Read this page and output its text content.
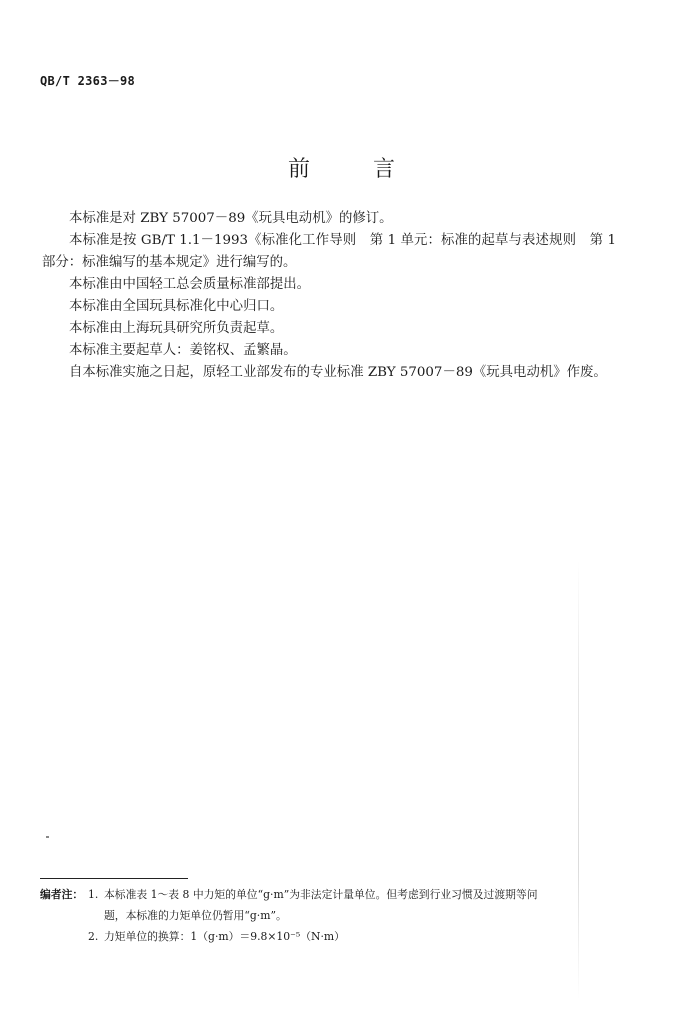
QB/T 2363－98
前 言

本标准是对 ZBY 57007－89《玩具电动机》的修订。

本标准是按 GB/T 1.1－1993《标准化工作导则　第 1 单元：标准的起草与表述规则　第 1 部分：标准编写的基本规定》进行编写的。

本标准由中国轻工总会质量标准部提出。

本标准由全国玩具标准化中心归口。

本标准由上海玩具研究所负责起草。

本标准主要起草人：姜铭权、孟繁晶。

自本标准实施之日起，原轻工业部发布的专业标准 ZBY 57007－89《玩具电动机》作废。

编者注： 1. 本标准表 1～表 8 中力矩的单位“g·m”为非法定计量单位。但考虑到行业习惯及过渡期等问
题，本标准的力矩单位仍暂用“g·m”。
2. 力矩单位的换算：1（g·m）＝9.8×10⁻⁵（N·m）
